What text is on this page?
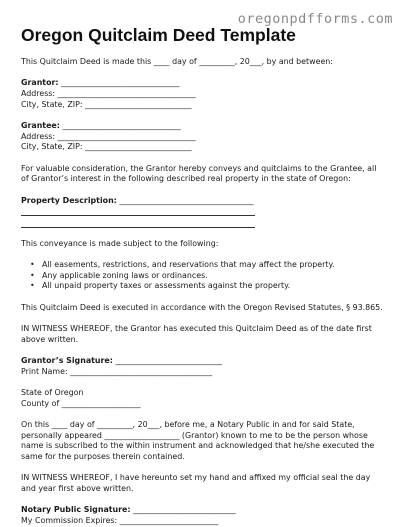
oregonpdfforms.com
Oregon Quitclaim Deed Template

This Quitclaim Deed is made this ____ day of _________, 20___, by and between:

Grantor: ______________________________

Address: ___________________________________

City, State, ZIP: ___________________________

Grantee: ______________________________

Address: ___________________________________

City, State, ZIP: ___________________________

For valuable consideration, the Grantor hereby conveys and quitclaims to the Grantee, all of Grantor’s interest in the following described real property in the state of Oregon:

Property Description: __________________________________

This conveyance is made subject to the following:

• All easements, restrictions, and reservations that may affect the property.
• Any applicable zoning laws or ordinances.
• All unpaid property taxes or assessments against the property.

This Quitclaim Deed is executed in accordance with the Oregon Revised Statutes, § 93.865.

IN WITNESS WHEREOF, the Grantor has executed this Quitclaim Deed as of the date first above written.

Grantor’s Signature: ___________________________

Print Name: ____________________________________

State of Oregon

County of ____________________

On this ____ day of _________, 20___, before me, a Notary Public in and for said State, personally appeared ___________________ (Grantor) known to me to be the person whose name is subscribed to the within instrument and acknowledged that he/she executed the same for the purposes therein contained.

IN WITNESS WHEREOF, I have hereunto set my hand and affixed my official seal the day and year first above written.

Notary Public Signature: __________________________

My Commission Expires: _________________________
